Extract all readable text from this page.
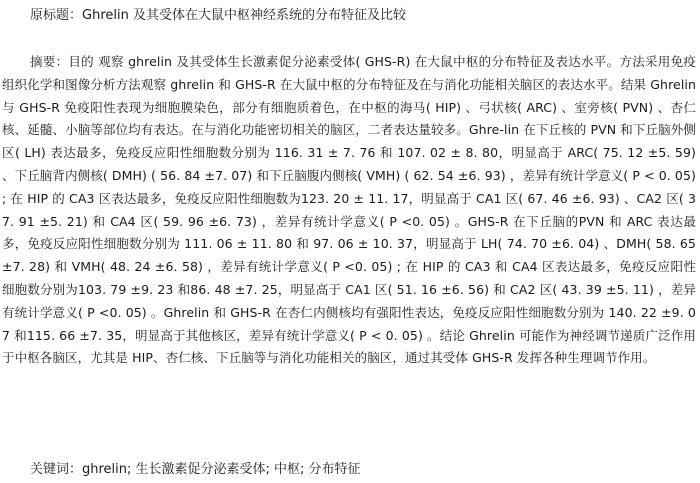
原标题：Ghrelin 及其受体在大鼠中枢神经系统的分布特征及比较

摘要：目的 观察 ghrelin 及其受体生长激素促分泌素受体( GHS-R) 在大鼠中枢的分布特征及表达水平。方法采用免疫组织化学和图像分析方法观察 ghrelin 和 GHS-R 在大鼠中枢的分布特征及在与消化功能相关脑区的表达水平。结果 Ghrelin 与 GHS-R 免疫阳性表现为细胞膜染色，部分有细胞质着色，在中枢的海马( HIP) 、弓状核( ARC) 、室旁核( PVN) 、杏仁核、延髓、小脑等部位均有表达。在与消化功能密切相关的脑区，二者表达量较多。Ghre-lin 在下丘核的 PVN 和下丘脑外侧区( LH) 表达最多，免疫反应阳性细胞数分别为 116. 31 ± 7. 76 和 107. 02 ± 8. 80，明显高于 ARC( 75. 12 ±5. 59) 、下丘脑背内侧核( DMH) ( 56. 84 ±7. 07) 和下丘脑腹内侧核( VMH) ( 62. 54 ±6. 93) ，差异有统计学意义( P < 0. 05) ; 在 HIP 的 CA3 区表达最多，免疫反应阳性细胞数为123. 20 ± 11. 17，明显高于 CA1 区( 67. 46 ±6. 93) 、CA2 区( 37. 91 ±5. 21) 和 CA4 区( 59. 96 ±6. 73) ，差异有统计学意义( P <0. 05) 。GHS-R 在下丘脑的PVN 和 ARC 表达最多，免疫反应阳性细胞数分别为 111. 06 ± 11. 80 和 97. 06 ± 10. 37，明显高于 LH( 74. 70 ±6. 04) 、DMH( 58. 65 ±7. 28) 和 VMH( 48. 24 ±6. 58) ，差异有统计学意义( P <0. 05) ; 在 HIP 的 CA3 和 CA4 区表达最多，免疫反应阳性细胞数分别为103. 79 ±9. 23 和86. 48 ±7. 25，明显高于 CA1 区( 51. 16 ±6. 56) 和 CA2 区( 43. 39 ±5. 11) ，差异有统计学意义( P <0. 05) 。Ghrelin 和 GHS-R 在杏仁内侧核均有强阳性表达，免疫反应阳性细胞数分别为 140. 22 ±9. 07 和115. 66 ±7. 35，明显高于其他核区，差异有统计学意义( P < 0. 05) 。结论 Ghrelin 可能作为神经调节递质广泛作用于中枢各脑区，尤其是 HIP、杏仁核、下丘脑等与消化功能相关的脑区，通过其受体 GHS-R 发挥各种生理调节作用。

关键词：ghrelin; 生长激素促分泌素受体; 中枢; 分布特征
